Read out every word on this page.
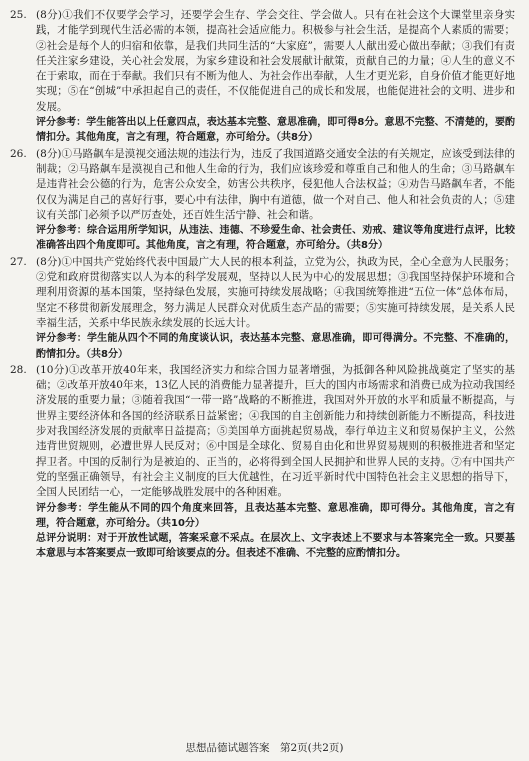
25. (8分)①我们不仅要学会学习，还要学会生存、学会交往、学会做人。只有在社会这个大课堂里亲身实践，才能学到现代生活必需的本领，提高社会适应能力。积极参与社会生活，是提高个人素质的需要；②社会是每个人的归宿和依靠，是我们共同生活的“大家庭”，需要人人献出爱心做出奉献；③我们有责任关注家乡建设，关心社会发展，为家乡建设和社会发展献计献策，贡献自己的力量；④人生的意义不在于索取，而在于奉献。我们只有不断为他人、为社会作出奉献，人生才更光彩，自身价值才能更好地实现；⑤在“创城”中承担起自己的责任，不仅能促进自己的成长和发展，也能促进社会的文明、进步和发展。

评分参考：学生能答出以上任意四点，表达基本完整、意思准确，即可得8分。意思不完整、不清楚的，要酌情扣分。其他角度，言之有理，符合题意，亦可给分。（共8分）

26. (8分)①马路飙车是漠视交通法规的违法行为，违反了我国道路交通安全法的有关规定，应该受到法律的制裁；②马路飙车是漠视自己和他人生命的行为，我们应该珍爱和尊重自己和他人的生命；③马路飙车是违背社会公德的行为，危害公众安全，妨害公共秩序，侵犯他人合法权益；④劝告马路飙车者，不能仅仅为满足自己的喜好行事，要心中有法律，胸中有道德，做一个对自己、他人和社会负责的人；⑤建议有关部门必须予以严厉查处，还百姓生活宁静、社会和谐。

评分参考：综合运用所学知识，从违法、违德、不珍爱生命、社会责任、劝戒、建议等角度进行点评，比较准确答出四个角度即可。其他角度，言之有理，符合题意，亦可给分。（共8分）

27. (8分)①中国共产党始终代表中国最广大人民的根本利益，立党为公，执政为民，全心全意为人民服务；②党和政府贯彻落实以人为本的科学发展观，坚持以人民为中心的发展思想；③我国坚持保护环境和合理利用资源的基本国策，坚持绿色发展，实施可持续发展战略；④我国统筹推进“五位一体”总体布局，坚定不移贯彻新发展理念，努力满足人民群众对优质生态产品的需要；⑤实施可持续发展，是关系人民幸福生活，关系中华民族永续发展的长远大计。

评分参考：学生能从四个不同的角度谈认识，表达基本完整、意思准确，即可得满分。不完整、不准确的，酌情扣分。（共8分）

28. (10分)①改革开放40年来，我国经济实力和综合国力显著增强，为抵御各种风险挑战奠定了坚实的基础；②改革开放40年来，13亿人民的消费能力显著提升，巨大的国内市场需求和消费已成为拉动我国经济发展的重要力量；③随着我国“一带一路”战略的不断推进，我国对外开放的水平和质量不断提高，与世界主要经济体和各国的经济联系日益紧密；④我国的自主创新能力和持续创新能力不断提高，科技进步对我国经济发展的贡献率日益提高；⑤美国单方面挑起贸易战，奉行单边主义和贸易保护主义，公然违背世贸规则，必遭世界人民反对；⑥中国是全球化、贸易自由化和世界贸易规则的积极推进者和坚定捍卫者。中国的反制行为是被迫的、正当的，必将得到全国人民拥护和世界人民的支持。⑦有中国共产党的坚强正确领导，有社会主义制度的巨大优越性，在习近平新时代中国特色社会主义思想的指导下，全国人民团结一心，一定能够战胜发展中的各种困难。

评分参考：学生能从不同的四个角度来回答，且表达基本完整、意思准确，即可得分。其他角度，言之有理，符合题意，亦可给分。（共10分）

总评分说明：对于开放性试题，答案采意不采点。在层次上、文字表述上不要求与本答案完全一致。只要基本意思与本答案要点一致即可给该要点的分。但表述不准确、不完整的应酌情扣分。

思想品德试题答案　第2页(共2页)
